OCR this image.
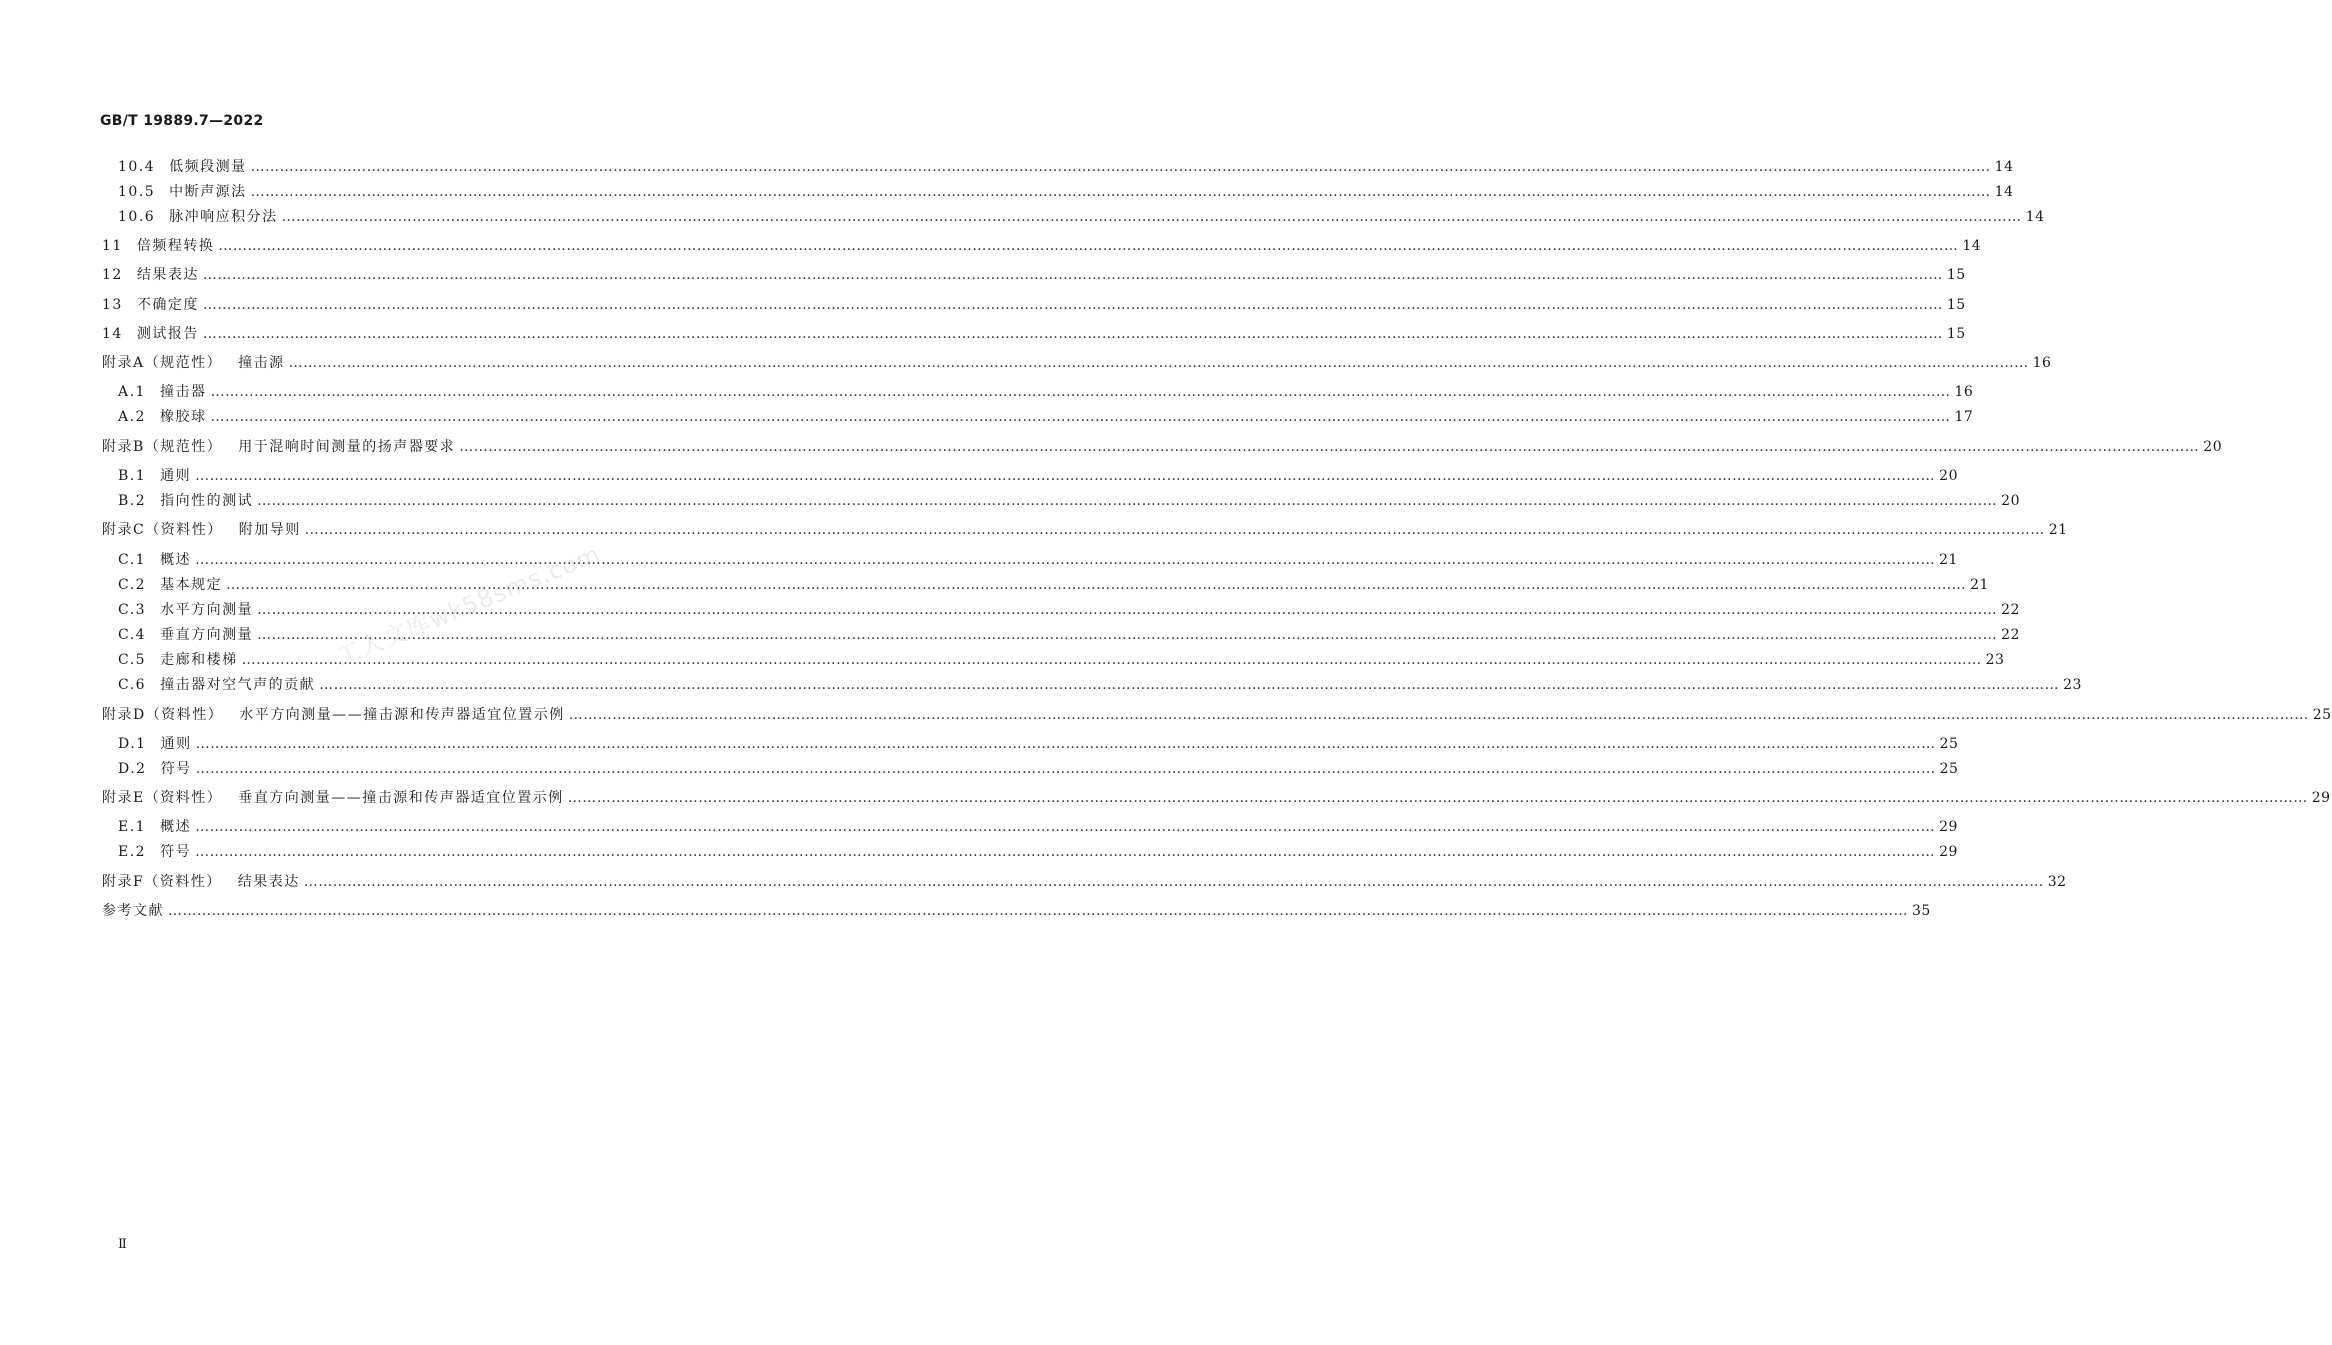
GB/T 19889.7—2022
10.4 低频段测量 ……………………………………………………………………………………………………………………………………………………………………………………………………………………………………………………………………………………………………………………………… 14
10.5 中断声源法 ……………………………………………………………………………………………………………………………………………………………………………………………………………………………………………………………………………………………………………………………… 14
10.6 脉冲响应积分法 ……………………………………………………………………………………………………………………………………………………………………………………………………………………………………………………………………………………………………………………………… 14
11 倍频程转换 ……………………………………………………………………………………………………………………………………………………………………………………………………………………………………………………………………………………………………………………………… 14
12 结果表达 ……………………………………………………………………………………………………………………………………………………………………………………………………………………………………………………………………………………………………………………………… 15
13 不确定度 ……………………………………………………………………………………………………………………………………………………………………………………………………………………………………………………………………………………………………………………………… 15
14 测试报告 ……………………………………………………………………………………………………………………………………………………………………………………………………………………………………………………………………………………………………………………………… 15
附录A（规范性） 撞击源 ……………………………………………………………………………………………………………………………………………………………………………………………………………………………………………………………………………………………………………………………… 16
A.1 撞击器 ……………………………………………………………………………………………………………………………………………………………………………………………………………………………………………………………………………………………………………………………… 16
A.2 橡胶球 ……………………………………………………………………………………………………………………………………………………………………………………………………………………………………………………………………………………………………………………………… 17
附录B（规范性） 用于混响时间测量的扬声器要求 ……………………………………………………………………………………………………………………………………………………………………………………………………………………………………………………………………………………………………………………………… 20
B.1 通则 ……………………………………………………………………………………………………………………………………………………………………………………………………………………………………………………………………………………………………………………………… 20
B.2 指向性的测试 ……………………………………………………………………………………………………………………………………………………………………………………………………………………………………………………………………………………………………………………………… 20
附录C（资料性） 附加导则 ……………………………………………………………………………………………………………………………………………………………………………………………………………………………………………………………………………………………………………………………… 21
C.1 概述 ……………………………………………………………………………………………………………………………………………………………………………………………………………………………………………………………………………………………………………………………… 21
C.2 基本规定 ……………………………………………………………………………………………………………………………………………………………………………………………………………………………………………………………………………………………………………………………… 21
C.3 水平方向测量 ……………………………………………………………………………………………………………………………………………………………………………………………………………………………………………………………………………………………………………………………… 22
C.4 垂直方向测量 ……………………………………………………………………………………………………………………………………………………………………………………………………………………………………………………………………………………………………………………………… 22
C.5 走廊和楼梯 ……………………………………………………………………………………………………………………………………………………………………………………………………………………………………………………………………………………………………………………………… 23
C.6 撞击器对空气声的贡献 ……………………………………………………………………………………………………………………………………………………………………………………………………………………………………………………………………………………………………………………………… 23
附录D（资料性） 水平方向测量——撞击源和传声器适宜位置示例 ……………………………………………………………………………………………………………………………………………………………………………………………………………………………………………………………………………………………………………………………… 25
D.1 通则 ……………………………………………………………………………………………………………………………………………………………………………………………………………………………………………………………………………………………………………………………… 25
D.2 符号 ……………………………………………………………………………………………………………………………………………………………………………………………………………………………………………………………………………………………………………………………… 25
附录E（资料性） 垂直方向测量——撞击源和传声器适宜位置示例 ……………………………………………………………………………………………………………………………………………………………………………………………………………………………………………………………………………………………………………………………… 29
E.1 概述 ……………………………………………………………………………………………………………………………………………………………………………………………………………………………………………………………………………………………………………………………… 29
E.2 符号 ……………………………………………………………………………………………………………………………………………………………………………………………………………………………………………………………………………………………………………………………… 29
附录F（资料性） 结果表达 ……………………………………………………………………………………………………………………………………………………………………………………………………………………………………………………………………………………………………………………………… 32
参考文献 ……………………………………………………………………………………………………………………………………………………………………………………………………………………………………………………………………………………………………………………………… 35
工人文库wk58sms.com
Ⅱ
